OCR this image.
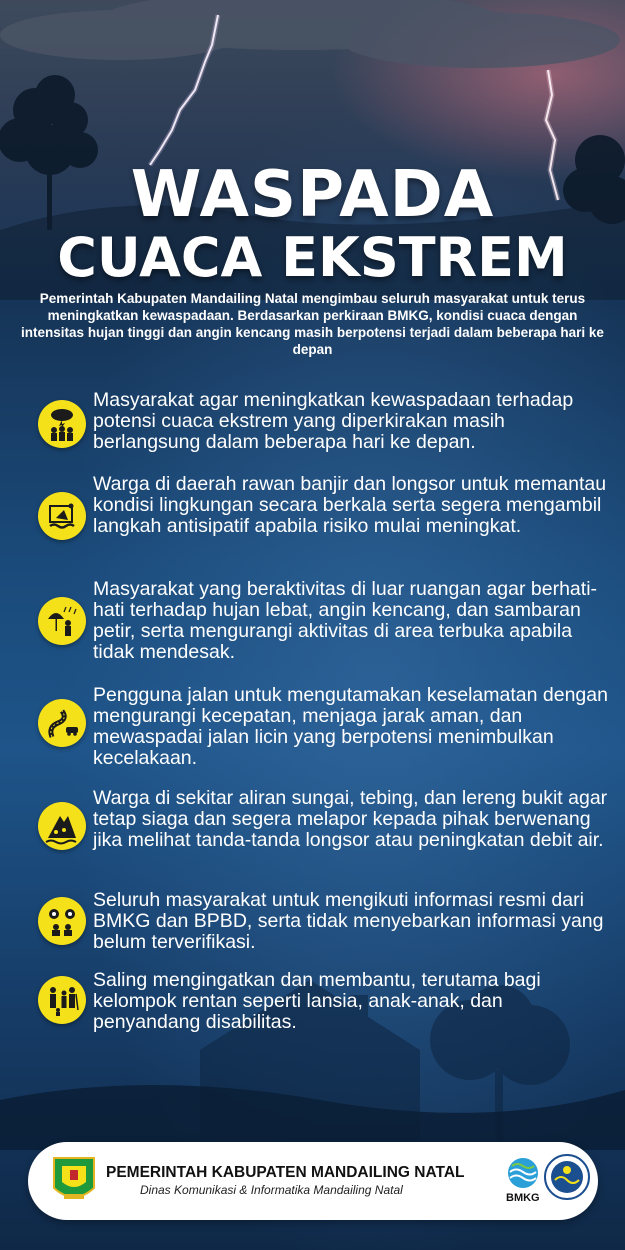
WASPADA
CUACA EKSTREM
Pemerintah Kabupaten Mandailing Natal mengimbau seluruh masyarakat untuk terus meningkatkan kewaspadaan. Berdasarkan perkiraan BMKG, kondisi cuaca dengan intensitas hujan tinggi dan angin kencang masih berpotensi terjadi dalam beberapa hari ke depan
Masyarakat agar meningkatkan kewaspadaan terhadap potensi cuaca ekstrem yang diperkirakan masih berlangsung dalam beberapa hari ke depan.
Warga di daerah rawan banjir dan longsor untuk memantau kondisi lingkungan secara berkala serta segera mengambil langkah antisipatif apabila risiko mulai meningkat.
Masyarakat yang beraktivitas di luar ruangan agar berhati-hati terhadap hujan lebat, angin kencang, dan sambaran petir, serta mengurangi aktivitas di area terbuka apabila tidak mendesak.
Pengguna jalan untuk mengutamakan keselamatan dengan mengurangi kecepatan, menjaga jarak aman, dan mewaspadai jalan licin yang berpotensi menimbulkan kecelakaan.
Warga di sekitar aliran sungai, tebing, dan lereng bukit agar tetap siaga dan segera melapor kepada pihak berwenang jika melihat tanda-tanda longsor atau peningkatan debit air.
Seluruh masyarakat untuk mengikuti informasi resmi dari BMKG dan BPBD, serta tidak menyebarkan informasi yang belum terverifikasi.
Saling mengingatkan dan membantu, terutama bagi kelompok rentan seperti lansia, anak-anak, dan penyandang disabilitas.
PEMERINTAH KABUPATEN MANDAILING NATAL
Dinas Komunikasi & Informatika Mandailing Natal
BMKG
